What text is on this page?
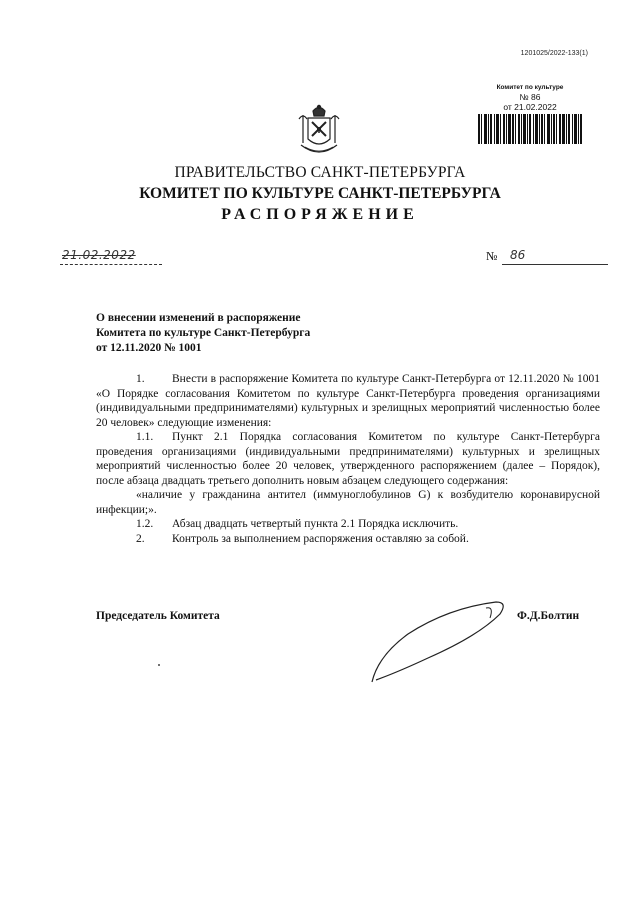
1201025/2022-133(1)
Комитет по культуре
№ 86
от 21.02.2022
ПРАВИТЕЛЬСТВО САНКТ-ПЕТЕРБУРГА
КОМИТЕТ ПО КУЛЬТУРЕ САНКТ-ПЕТЕРБУРГА
РАСПОРЯЖЕНИЕ
21.02.2022	№	86
О внесении изменений в распоряжение
Комитета по культуре Санкт-Петербурга
от 12.11.2020 № 1001

1. Внести в распоряжение Комитета по культуре Санкт-Петербурга от 12.11.2020 № 1001 «О Порядке согласования Комитетом по культуре Санкт-Петербурга проведения организациями (индивидуальными предпринимателями) культурных и зрелищных мероприятий численностью более 20 человек» следующие изменения:

1.1. Пункт 2.1 Порядка согласования Комитетом по культуре Санкт-Петербурга проведения организациями (индивидуальными предпринимателями) культурных и зрелищных мероприятий численностью более 20 человек, утвержденного распоряжением (далее – Порядок), после абзаца двадцать третьего дополнить новым абзацем следующего содержания:

«наличие у гражданина антител (иммуноглобулинов G) к возбудителю коронавирусной инфекции;».

1.2. Абзац двадцать четвертый пункта 2.1 Порядка исключить.

2. Контроль за выполнением распоряжения оставляю за собой.

Председатель Комитета	Ф.Д.Болтин
